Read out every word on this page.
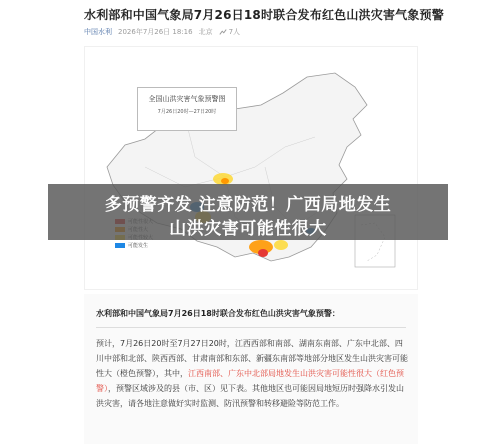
水利部和中国气象局7月26日18时联合发布红色山洪灾害气象预警
中国水利 2026年7月26日 18:16 北京 7人
全国山洪灾害气象预警图
7月26日20时—27日20时
可能发生
多预警齐发 注意防范！广西局地发生
山洪灾害可能性很大
水利部和中国气象局7月26日18时联合发布红色山洪灾害气象预警：
预计，7月26日20时至7月27日20时，江西西部和南部、湖南东南部、广东中北部、四川中部和北部、陕西西部、甘肃南部和东部、新疆东南部等地部分地区发生山洪灾害可能性大（橙色预警），其中，江西南部、广东中北部局地发生山洪灾害可能性很大（红色预警），预警区域涉及的县（市、区）见下表。其他地区也可能因局地短历时强降水引发山洪灾害，请各地注意做好实时监测、防汛预警和转移避险等防范工作。
